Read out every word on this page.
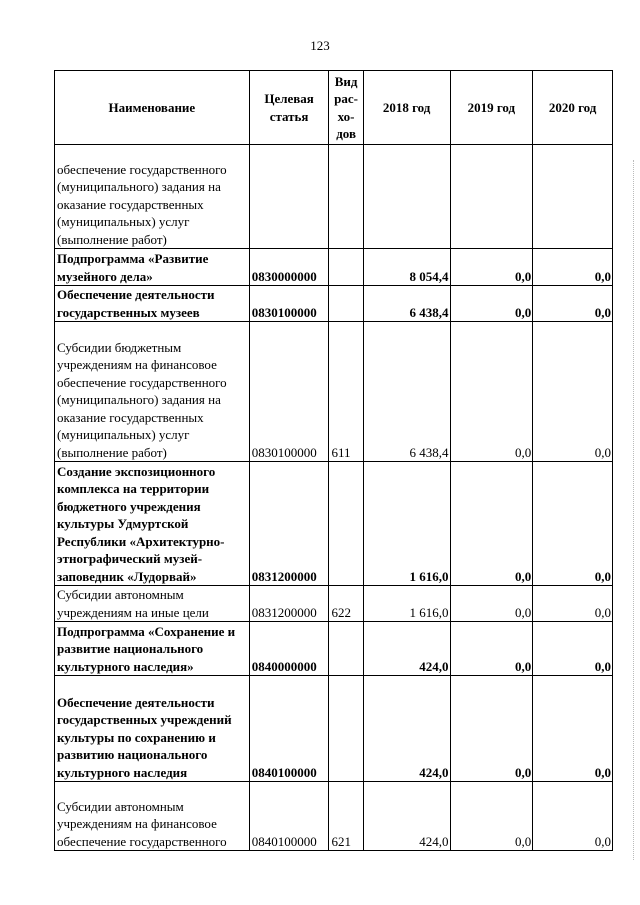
123
Наименование	Целевая статья	Вид рас- хо- дов	2018 год	2019 год	2020 год
обеспечение государственного (муниципального) задания на оказание государственных (муниципальных) услуг (выполнение работ)					
Подпрограмма «Развитие музейного дела»	0830000000		8 054,4	0,0	0,0
Обеспечение деятельности государственных музеев	0830100000		6 438,4	0,0	0,0
Субсидии бюджетным учреждениям на финансовое обеспечение государственного (муниципального) задания на оказание государственных (муниципальных) услуг (выполнение работ)	0830100000	611	6 438,4	0,0	0,0
Создание экспозиционного комплекса на территории бюджетного учреждения культуры Удмуртской Республики «Архитектурно-этнографический музей-заповедник «Лудорвай»	0831200000		1 616,0	0,0	0,0
Субсидии автономным учреждениям на иные цели	0831200000	622	1 616,0	0,0	0,0
Подпрограмма «Сохранение и развитие национального культурного наследия»	0840000000		424,0	0,0	0,0
Обеспечение деятельности государственных учреждений культуры по сохранению и развитию национального культурного наследия	0840100000		424,0	0,0	0,0
Субсидии автономным учреждениям на финансовое обеспечение государственного	0840100000	621	424,0	0,0	0,0
